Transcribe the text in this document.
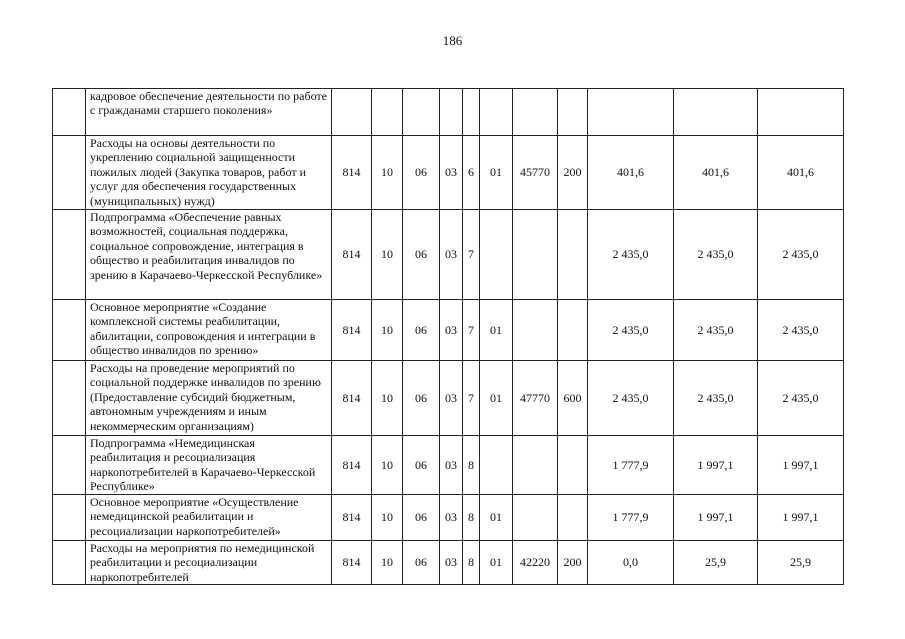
186
	кадровое обеспечение деятельности по работе с гражданами старшего поколения»											
	Расходы на основы деятельности по укреплению социальной защищенности пожилых людей (Закупка товаров, работ и услуг для обеспечения государственных (муниципальных) нужд)	814	10	06	03	6	01	45770	200	401,6	401,6	401,6
	Подпрограмма «Обеспечение равных возможностей, социальная поддержка, социальное сопровождение, интеграция в общество и реабилитация инвалидов по зрению в Карачаево-Черкесской Республике»	814	10	06	03	7				2 435,0	2 435,0	2 435,0
	Основное мероприятие «Создание комплексной системы реабилитации, абилитации, сопровождения и интеграции в общество инвалидов по зрению»	814	10	06	03	7	01			2 435,0	2 435,0	2 435,0
	Расходы на проведение мероприятий по социальной поддержке инвалидов по зрению (Предоставление субсидий бюджетным, автономным учреждениям и иным некоммерческим организациям)	814	10	06	03	7	01	47770	600	2 435,0	2 435,0	2 435,0
	Подпрограмма «Немедицинская реабилитация и ресоциализация наркопотребителей в Карачаево-Черкесской Республике»	814	10	06	03	8				1 777,9	1 997,1	1 997,1
	Основное мероприятие «Осуществление немедицинской реабилитации и ресоциализации наркопотребителей»	814	10	06	03	8	01			1 777,9	1 997,1	1 997,1
	Расходы на мероприятия по немедицинской реабилитации и ресоциализации наркопотребителей	814	10	06	03	8	01	42220	200	0,0	25,9	25,9
